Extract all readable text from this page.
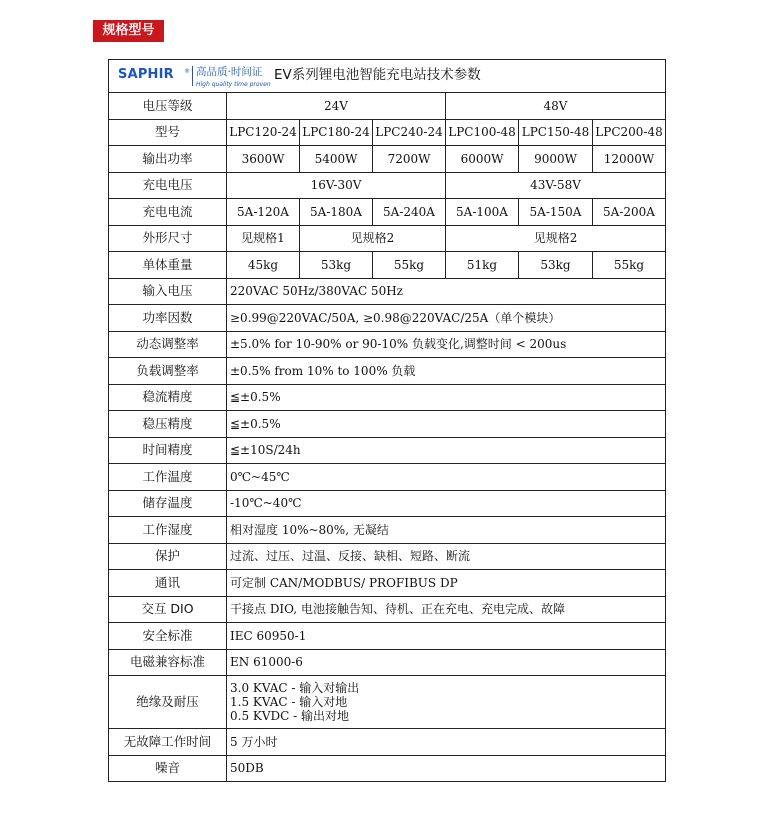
规格型号
SAPHIR ® 高品质·时间证
High quality time proven
EV系列锂电池智能充电站技术参数						

电压等级	24V			48V		
型号	LPC120-24	LPC180-24	LPC240-24	LPC100-48	LPC150-48	LPC200-48
输出功率	3600W	5400W	7200W	6000W	9000W	12000W
充电电压	16V-30V			43V-58V		
充电电流	5A-120A	5A-180A	5A-240A	5A-100A	5A-150A	5A-200A
外形尺寸	见规格1	见规格2		见规格2		
单体重量	45kg	53kg	55kg	51kg	53kg	55kg
输入电压	220VAC 50Hz/380VAC 50Hz					
功率因数	≥0.99@220VAC/50A, ≥0.98@220VAC/25A（单个模块）					
动态调整率	±5.0% for 10-90% or 90-10% 负载变化,调整时间 < 200us					
负载调整率	±0.5% from 10% to 100% 负载					
稳流精度	≦±0.5%					
稳压精度	≦±0.5%					
时间精度	≦±10S/24h					
工作温度	0℃~45℃					
储存温度	-10℃~40℃					
工作湿度	相对湿度 10%~80%, 无凝结					
保护	过流、过压、过温、反接、缺相、短路、断流					
通讯	可定制 CAN/MODBUS/ PROFIBUS DP					
交互 DIO	干接点 DIO, 电池接触告知、待机、正在充电、充电完成、故障					
安全标准	IEC 60950-1					
电磁兼容标准	EN 61000-6					
绝缘及耐压	3.0 KVAC - 输入对输出
1.5 KVAC - 输入对地
0.5 KVDC - 输出对地					

无故障工作时间	5 万小时					
噪音	50DB					
